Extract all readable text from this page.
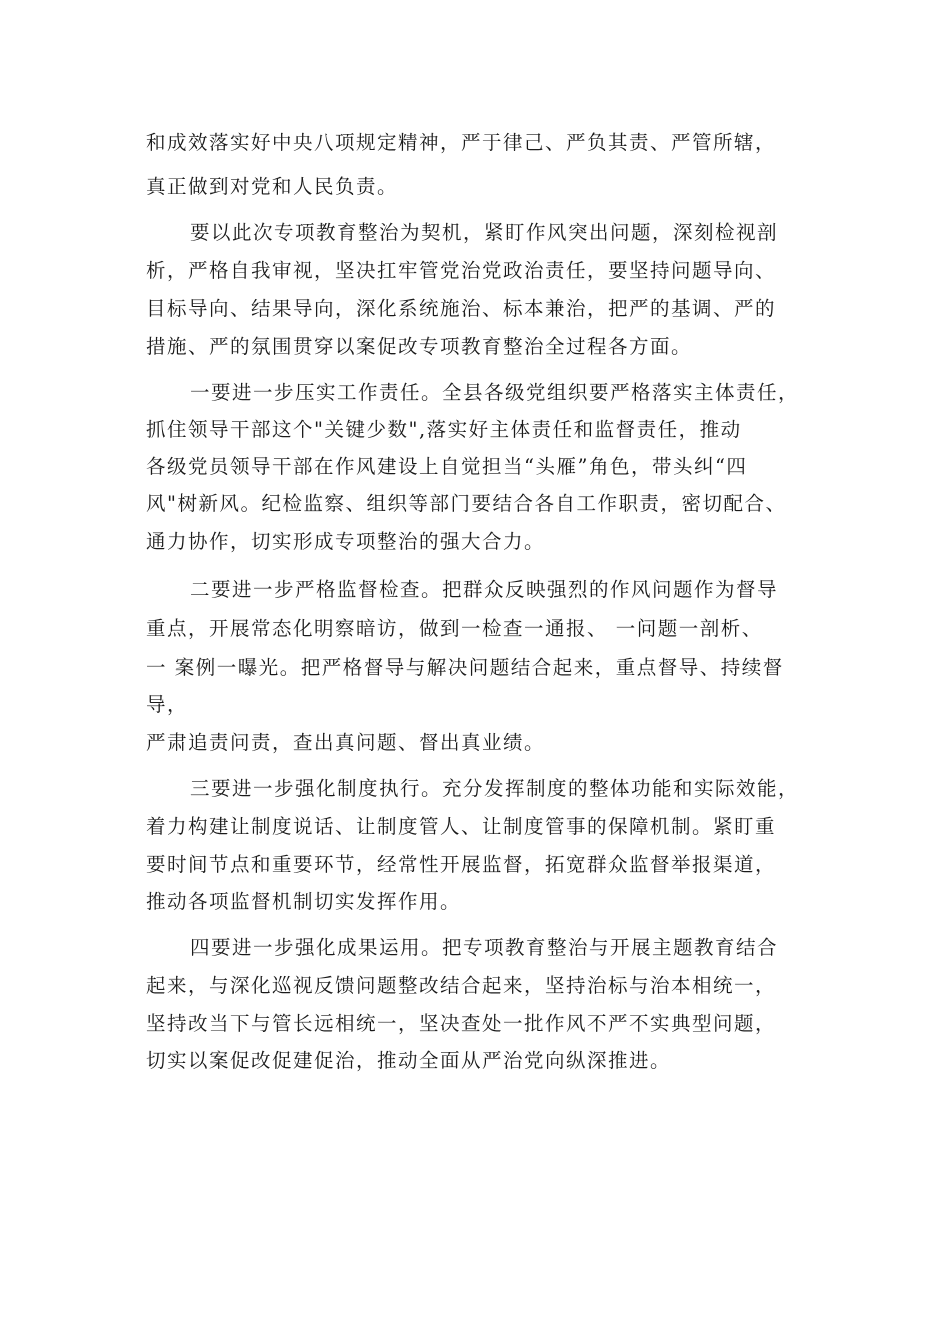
和成效落实好中央八项规定精神，严于律己、严负其责、严管所辖，
真正做到对党和人民负责。
要以此次专项教育整治为契机，紧盯作风突出问题，深刻检视剖
析，严格自我审视，坚决扛牢管党治党政治责任，要坚持问题导向、
目标导向、结果导向，深化系统施治、标本兼治，把严的基调、严的
措施、严的氛围贯穿以案促改专项教育整治全过程各方面。
一要进一步压实工作责任。全县各级党组织要严格落实主体责任，
抓住领导干部这个"关键少数",落实好主体责任和监督责任，推动
各级党员领导干部在作风建设上自觉担当“头雁”角色，带头纠“四
风"树新风。纪检监察、组织等部门要结合各自工作职责，密切配合、
通力协作，切实形成专项整治的强大合力。
二要进一步严格监督检查。把群众反映强烈的作风问题作为督导
重点，开展常态化明察暗访，做到一检查一通报、 一问题一剖析、
一 案例一曝光。把严格督导与解决问题结合起来，重点督导、持续督
导，
严肃追责问责，查出真问题、督出真业绩。
三要进一步强化制度执行。充分发挥制度的整体功能和实际效能，
着力构建让制度说话、让制度管人、让制度管事的保障机制。紧盯重
要时间节点和重要环节，经常性开展监督，拓宽群众监督举报渠道，
推动各项监督机制切实发挥作用。
四要进一步强化成果运用。把专项教育整治与开展主题教育结合
起来，与深化巡视反馈问题整改结合起来，坚持治标与治本相统一，
坚持改当下与管长远相统一，坚决查处一批作风不严不实典型问题，
切实以案促改促建促治，推动全面从严治党向纵深推进。
